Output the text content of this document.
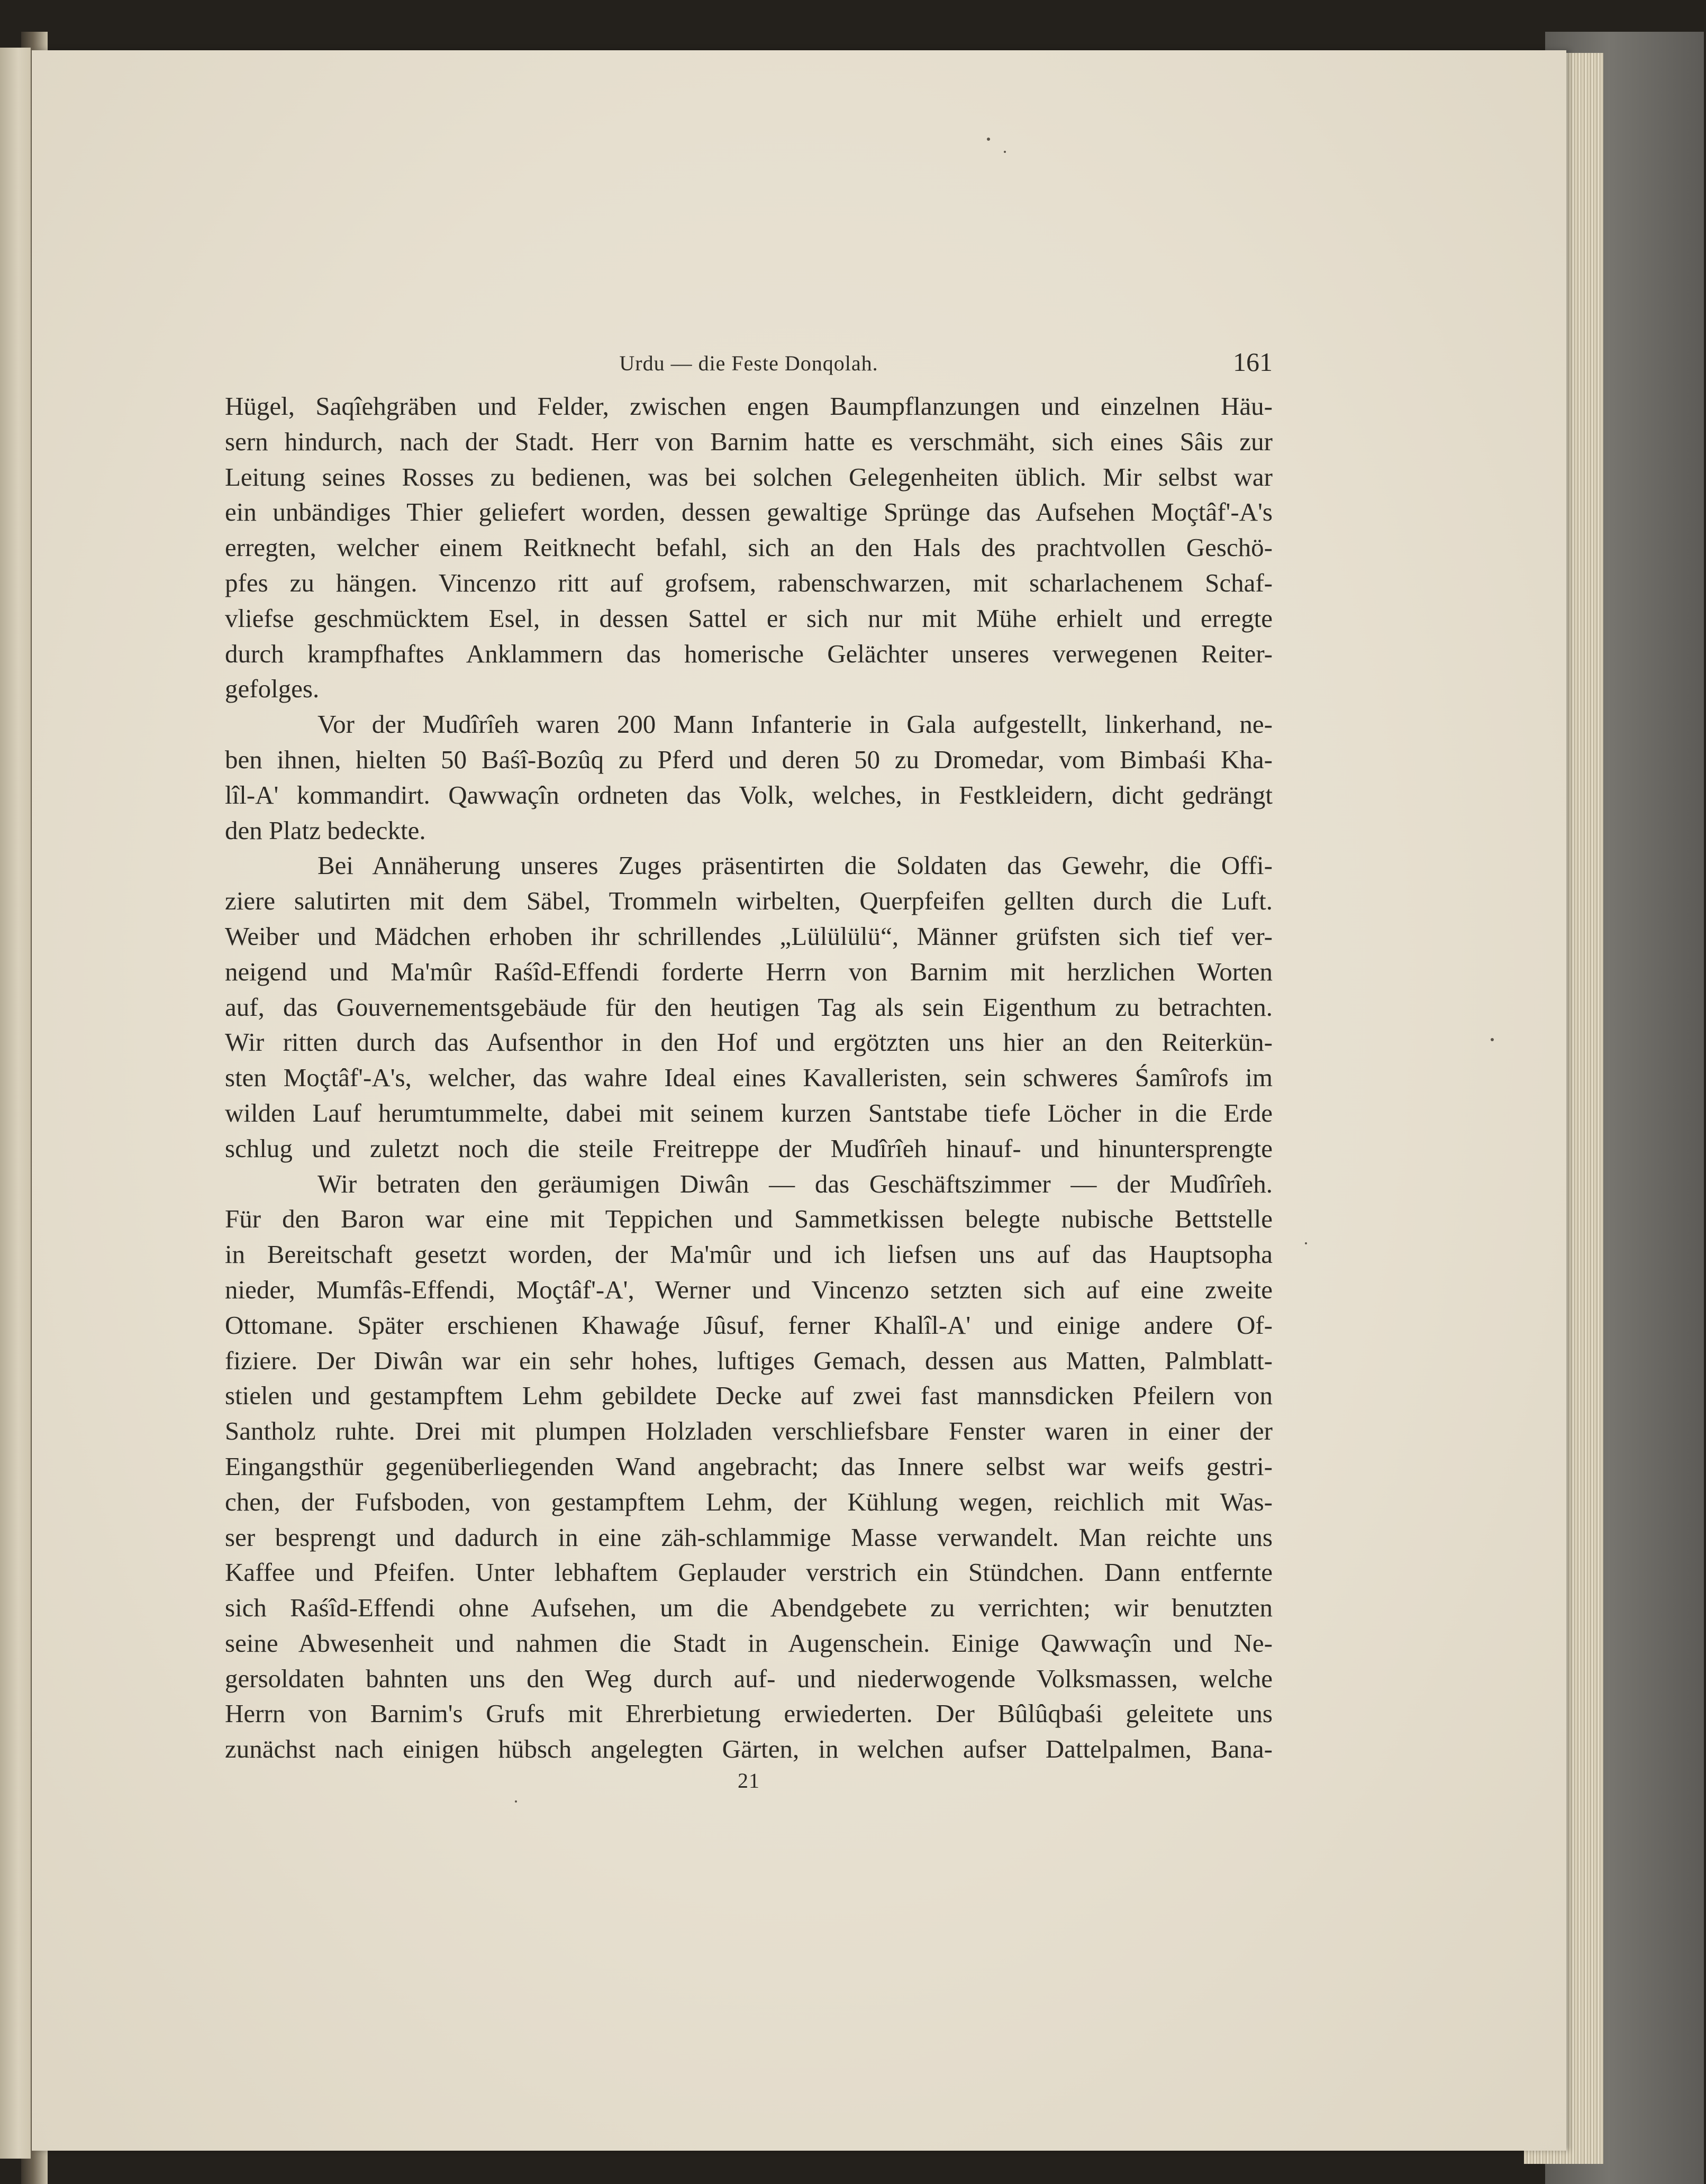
Urdu — die Feste Donqolah.	161

Hügel, Saqîehgräben und Felder, zwischen engen Baumpflanzungen und einzelnen Häu-
sern hindurch, nach der Stadt. Herr von Barnim hatte es verschmäht, sich eines Sâis zur
Leitung seines Rosses zu bedienen, was bei solchen Gelegenheiten üblich. Mir selbst war
ein unbändiges Thier geliefert worden, dessen gewaltige Sprünge das Aufsehen Moçtâf'-A's
erregten, welcher einem Reitknecht befahl, sich an den Hals des prachtvollen Geschö-
pfes zu hängen. Vincenzo ritt auf grofsem, rabenschwarzen, mit scharlachenem Schaf-
vliefse geschmücktem Esel, in dessen Sattel er sich nur mit Mühe erhielt und erregte
durch krampfhaftes Anklammern das homerische Gelächter unseres verwegenen Reiter-
gefolges.

Vor der Mudîrîeh waren 200 Mann Infanterie in Gala aufgestellt, linkerhand, ne-
ben ihnen, hielten 50 Baśî-Bozûq zu Pferd und deren 50 zu Dromedar, vom Bimbaśi Kha-
lîl-A' kommandirt. Qawwaçîn ordneten das Volk, welches, in Festkleidern, dicht gedrängt
den Platz bedeckte.

Bei Annäherung unseres Zuges präsentirten die Soldaten das Gewehr, die Offi-
ziere salutirten mit dem Säbel, Trommeln wirbelten, Querpfeifen gellten durch die Luft.
Weiber und Mädchen erhoben ihr schrillendes „Lülülülü“, Männer grüfsten sich tief ver-
neigend und Ma'mûr Raśîd-Effendi forderte Herrn von Barnim mit herzlichen Worten
auf, das Gouvernementsgebäude für den heutigen Tag als sein Eigenthum zu betrachten.
Wir ritten durch das Aufsenthor in den Hof und ergötzten uns hier an den Reiterkün-
sten Moçtâf'-A's, welcher, das wahre Ideal eines Kavalleristen, sein schweres Śamîrofs im
wilden Lauf herumtummelte, dabei mit seinem kurzen Santstabe tiefe Löcher in die Erde
schlug und zuletzt noch die steile Freitreppe der Mudîrîeh hinauf- und hinuntersprengte

Wir betraten den geräumigen Diwân — das Geschäftszimmer — der Mudîrîeh.
Für den Baron war eine mit Teppichen und Sammetkissen belegte nubische Bettstelle
in Bereitschaft gesetzt worden, der Ma'mûr und ich liefsen uns auf das Hauptsopha
nieder, Mumfâs-Effendi, Moçtâf'-A', Werner und Vincenzo setzten sich auf eine zweite
Ottomane. Später erschienen Khawaǵe Jûsuf, ferner Khalîl-A' und einige andere Of-
fiziere. Der Diwân war ein sehr hohes, luftiges Gemach, dessen aus Matten, Palmblatt-
stielen und gestampftem Lehm gebildete Decke auf zwei fast mannsdicken Pfeilern von
Santholz ruhte. Drei mit plumpen Holzladen verschliefsbare Fenster waren in einer der
Eingangsthür gegenüberliegenden Wand angebracht; das Innere selbst war weifs gestri-
chen, der Fufsboden, von gestampftem Lehm, der Kühlung wegen, reichlich mit Was-
ser besprengt und dadurch in eine zäh-schlammige Masse verwandelt. Man reichte uns
Kaffee und Pfeifen. Unter lebhaftem Geplauder verstrich ein Stündchen. Dann entfernte
sich Raśîd-Effendi ohne Aufsehen, um die Abendgebete zu verrichten; wir benutzten
seine Abwesenheit und nahmen die Stadt in Augenschein. Einige Qawwaçîn und Ne-
gersoldaten bahnten uns den Weg durch auf- und niederwogende Volksmassen, welche
Herrn von Barnim's Grufs mit Ehrerbietung erwiederten. Der Bûlûqbaśi geleitete uns
zunächst nach einigen hübsch angelegten Gärten, in welchen aufser Dattelpalmen, Bana-

21
